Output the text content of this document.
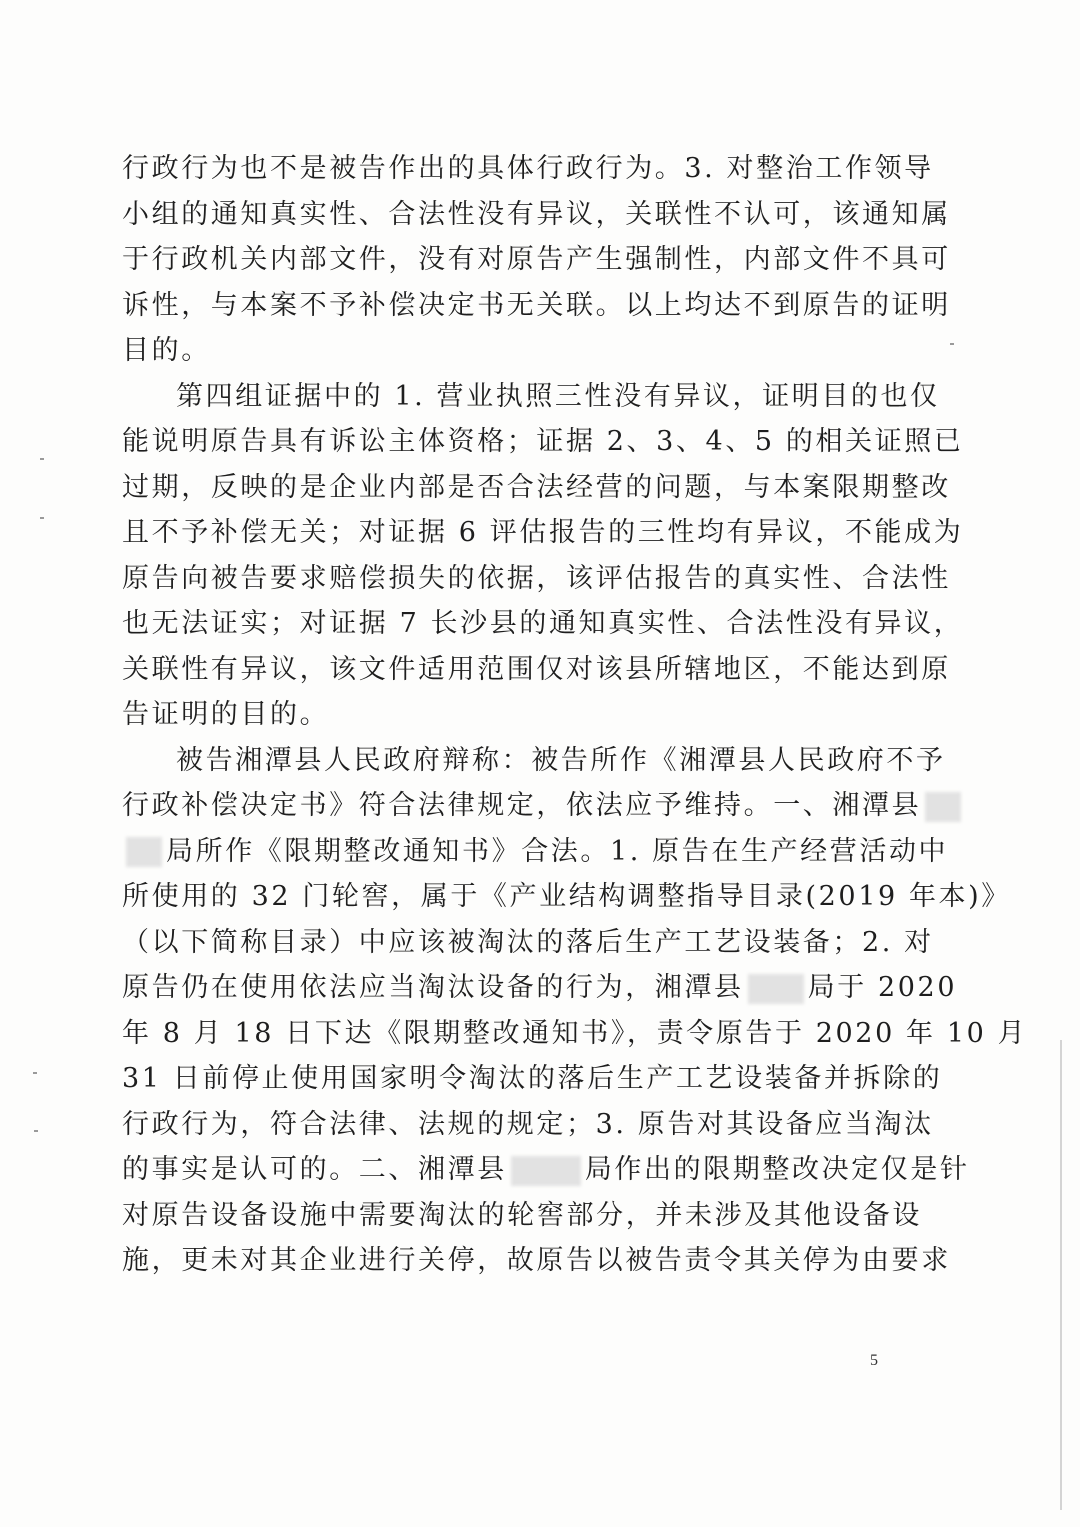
行政行为也不是被告作出的具体行政行为。3. 对整治工作领导
小组的通知真实性、合法性没有异议，关联性不认可，该通知属
于行政机关内部文件，没有对原告产生强制性，内部文件不具可
诉性，与本案不予补偿决定书无关联。以上均达不到原告的证明
目的。
第四组证据中的 1. 营业执照三性没有异议，证明目的也仅
能说明原告具有诉讼主体资格；证据 2、3、4、5 的相关证照已
过期，反映的是企业内部是否合法经营的问题，与本案限期整改
且不予补偿无关；对证据 6 评估报告的三性均有异议，不能成为
原告向被告要求赔偿损失的依据，该评估报告的真实性、合法性
也无法证实；对证据 7 长沙县的通知真实性、合法性没有异议，
关联性有异议，该文件适用范围仅对该县所辖地区，不能达到原
告证明的目的。
被告湘潭县人民政府辩称：被告所作《湘潭县人民政府不予
行政补偿决定书》符合法律规定，依法应予维持。一、湘潭县
局所作《限期整改通知书》合法。1. 原告在生产经营活动中
所使用的 32 门轮窖，属于《产业结构调整指导目录(2019 年本)》
（以下简称目录）中应该被淘汰的落后生产工艺设装备；2. 对
原告仍在使用依法应当淘汰设备的行为，湘潭县 局于 2020
年 8 月 18 日下达《限期整改通知书》，责令原告于 2020 年 10 月
31 日前停止使用国家明令淘汰的落后生产工艺设装备并拆除的
行政行为，符合法律、法规的规定；3. 原告对其设备应当淘汰
的事实是认可的。二、湘潭县	局作出的限期整改决定仅是针
对原告设备设施中需要淘汰的轮窖部分，并未涉及其他设备设
施，更未对其企业进行关停，故原告以被告责令其关停为由要求
5
